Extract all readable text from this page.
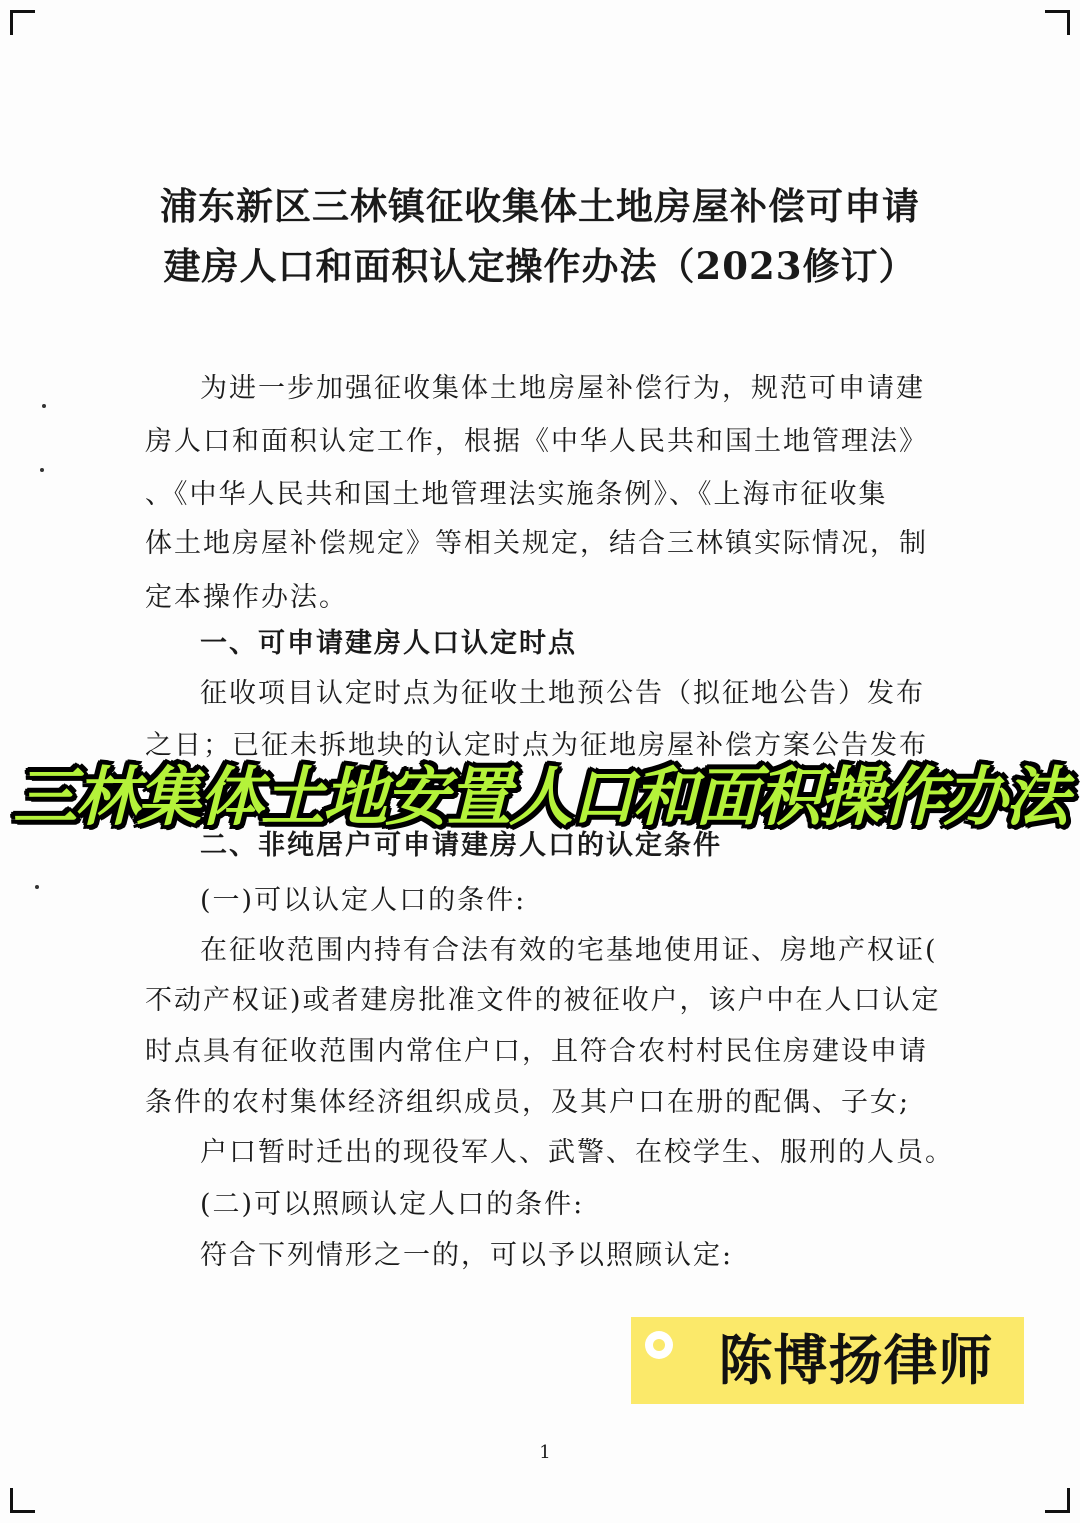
浦东新区三林镇征收集体土地房屋补偿可申请
建房人口和面积认定操作办法（2023修订）
为进一步加强征收集体土地房屋补偿行为，规范可申请建
房人口和面积认定工作，根据《中华人民共和国土地管理法》
、《中华人民共和国土地管理法实施条例》、《上海市征收集
体土地房屋补偿规定》等相关规定，结合三林镇实际情况，制
定本操作办法。
一、可申请建房人口认定时点
征收项目认定时点为征收土地预公告（拟征地公告）发布
之日；已征未拆地块的认定时点为征地房屋补偿方案公告发布
二、非纯居户可申请建房人口的认定条件
(一)可以认定人口的条件:
在征收范围内持有合法有效的宅基地使用证、房地产权证(
不动产权证)或者建房批准文件的被征收户，该户中在人口认定
时点具有征收范围内常住户口，且符合农村村民住房建设申请
条件的农村集体经济组织成员，及其户口在册的配偶、子女;
户口暂时迁出的现役军人、武警、在校学生、服刑的人员。
(二)可以照顾认定人口的条件:
符合下列情形之一的，可以予以照顾认定:
1
三林集体土地安置人口和面积操作办法
陈博扬律师
